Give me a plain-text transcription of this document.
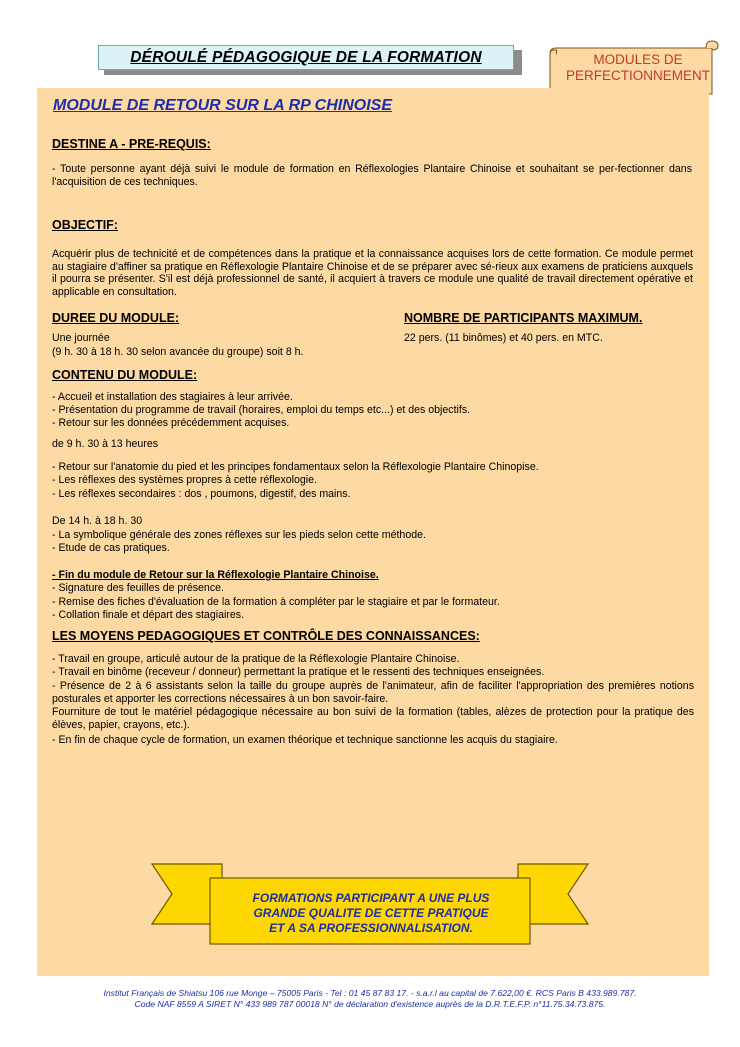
DÉROULÉ PÉDAGOGIQUE DE LA FORMATION	MODULES DE
PERFECTIONNEMENT
MODULE DE RETOUR SUR LA RP CHINOISE
DESTINE A - PRE-REQUIS:
- Toute personne ayant déjà suivi le module de formation en Réflexologies Plantaire Chinoise et souhaitant se per-fectionner dans l'acquisition de ces techniques.
OBJECTIF:
Acquérir plus de technicité et de compétences dans la pratique et la connaissance acquises lors de cette formation. Ce module permet au stagiaire d'affiner sa pratique en Réflexologie Plantaire Chinoise et de se préparer avec sé-rieux aux examens de praticiens auxquels il pourra se présenter. S'il est déjà professionnel de santé, il acquiert à travers ce module une qualité de travail directement opérative et applicable en consultation.
DUREE DU MODULE:
Une journée
(9 h. 30 à 18 h. 30 selon avancée du groupe) soit 8 h.
NOMBRE DE PARTICIPANTS MAXIMUM.
22 pers. (11 binômes) et 40 pers. en MTC.
CONTENU DU MODULE:
- Accueil et installation des stagiaires à leur arrivée.
- Présentation du programme de travail (horaires, emploi du temps etc...) et des objectifs.
- Retour sur les données précédemment acquises.
de 9 h. 30 à 13 heures
- Retour sur l'anatomie du pied et les principes fondamentaux selon la Réflexologie Plantaire Chinopise.
- Les réflexes des systèmes propres à cette réflexologie.
- Les réflexes secondaires : dos , poumons, digestif, des mains.
De 14 h. à 18 h. 30
- La symbolique générale des zones réflexes sur les pieds selon cette méthode.
- Etude de cas pratiques.
- Fin du module de Retour sur la Réflexologie Plantaire Chinoise.
- Signature des feuilles de présence.
- Remise des fiches d'évaluation de la formation à compléter par le stagiaire et par le formateur.
- Collation finale et départ des stagiaires.
LES MOYENS PEDAGOGIQUES ET CONTRÔLE DES CONNAISSANCES:
- Travail en groupe, articulé autour de la pratique de la Réflexologie Plantaire Chinoise.
- Travail en binôme (receveur / donneur) permettant la pratique et le ressenti des techniques enseignées.
- Présence de 2 à 6 assistants selon la taille du groupe auprès de l'animateur, afin de faciliter l'appropriation des premières notions posturales et apporter les corrections nécessaires à un bon savoir-faire.
Fourniture de tout le matériel pédagogique nécessaire au bon suivi de la formation (tables, alèzes de protection pour la pratique des élèves, papier, crayons, etc.).
- En fin de chaque cycle de formation, un examen théorique et technique sanctionne les acquis du stagiaire.
FORMATIONS PARTICIPANT A UNE PLUS
GRANDE QUALITE DE CETTE PRATIQUE
ET A SA PROFESSIONNALISATION.
Institut Français de Shiatsu 106 rue Monge – 75005 Paris - Tel : 01 45 87 83 17. - s.a.r.l au capital de 7.622,00 €. RCS Paris B 433.989.787.
Code NAF 8559 A SIRET N° 433 989 787 00018 N° de déclaration d'existence auprès de la D.R.T.E.F.P. n°11.75.34.73.875.
